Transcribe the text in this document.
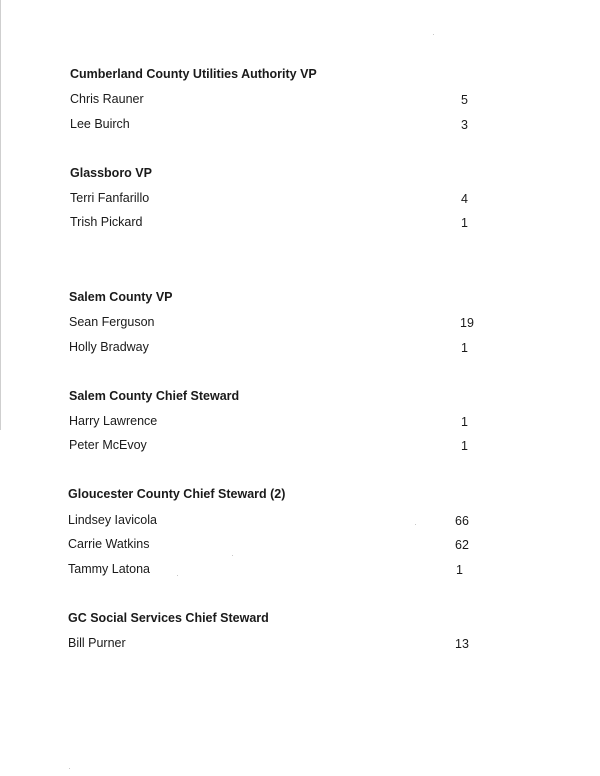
Cumberland County Utilities Authority VP
Chris Rauner	5
Lee Buirch	3
Glassboro VP
Terri Fanfarillo	4
Trish Pickard	1
Salem County VP
Sean Ferguson	19
Holly Bradway	1
Salem County Chief Steward
Harry Lawrence	1
Peter McEvoy	1
Gloucester County Chief Steward (2)
Lindsey Iavicola	66
Carrie Watkins	62
Tammy Latona	1
GC Social Services Chief Steward
Bill Purner	13
